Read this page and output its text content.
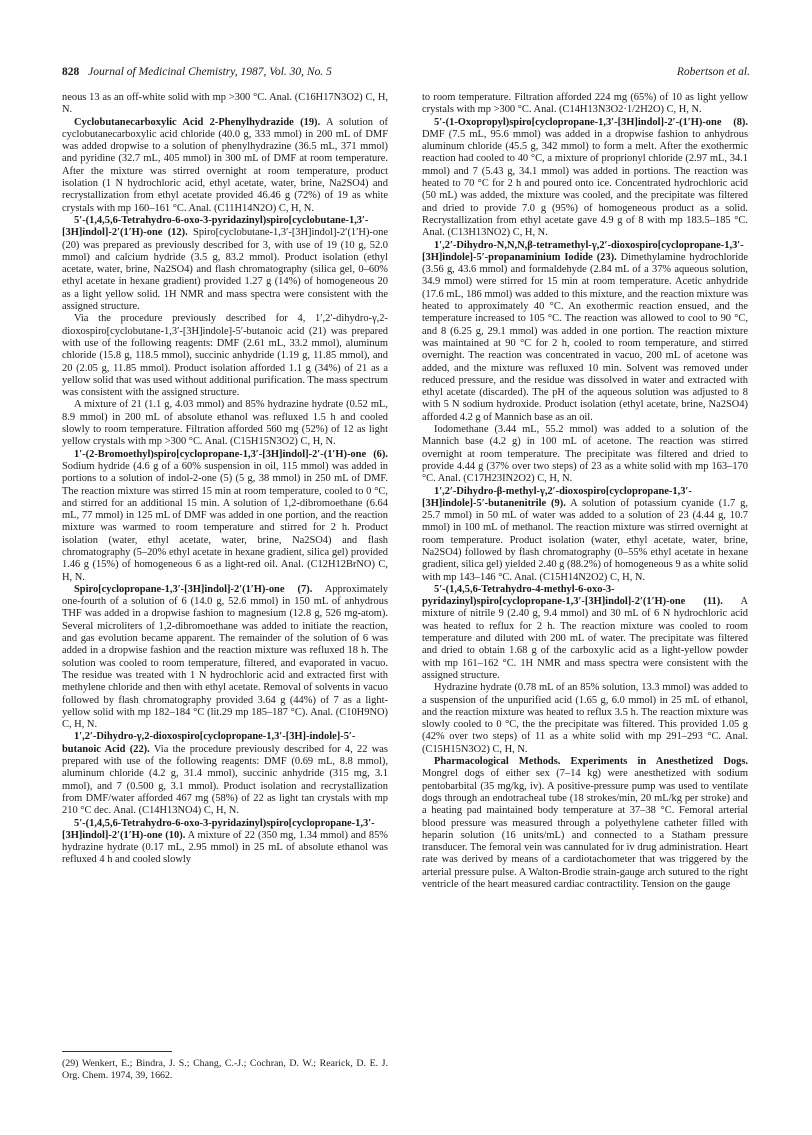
828 Journal of Medicinal Chemistry, 1987, Vol. 30, No. 5	Robertson et al.

neous 13 as an off-white solid with mp >300 °C. Anal. (C16H17N3O2) C, H, N.

Cyclobutanecarboxylic Acid 2-Phenylhydrazide (19). A solution of cyclobutanecarboxylic acid chloride (40.0 g, 333 mmol) in 200 mL of DMF was added dropwise to a solution of phenylhydrazine (36.5 mL, 371 mmol) and pyridine (32.7 mL, 405 mmol) in 300 mL of DMF at room temperature. After the mixture was stirred overnight at room temperature, product isolation (1 N hydrochloric acid, ethyl acetate, water, brine, Na2SO4) and recrystallization from ethyl acetate provided 46.46 g (72%) of 19 as white crystals with mp 160–161 °C. Anal. (C11H14N2O) C, H, N.

5′-(1,4,5,6-Tetrahydro-6-oxo-3-pyridazinyl)spiro[cyclobutane-1,3′-[3H]indol]-2′(1′H)-one (12). Spiro[cyclobutane-1,3′-[3H]indol]-2′(1′H)-one (20) was prepared as previously described for 3, with use of 19 (10 g, 52.0 mmol) and calcium hydride (3.5 g, 83.2 mmol). Product isolation (ethyl acetate, water, brine, Na2SO4) and flash chromatography (silica gel, 0–60% ethyl acetate in hexane gradient) provided 1.27 g (14%) of homogeneous 20 as a light yellow solid. 1H NMR and mass spectra were consistent with the assigned structure.

Via the procedure previously described for 4, 1′,2′-dihydro-γ,2-dioxospiro[cyclobutane-1,3′-[3H]indole]-5′-butanoic acid (21) was prepared with use of the following reagents: DMF (2.61 mL, 33.2 mmol), aluminum chloride (15.8 g, 118.5 mmol), succinic anhydride (1.19 g, 11.85 mmol), and 20 (2.05 g, 11.85 mmol). Product isolation afforded 1.1 g (34%) of 21 as a yellow solid that was used without additional purification. The mass spectrum was consistent with the assigned structure.

A mixture of 21 (1.1 g, 4.03 mmol) and 85% hydrazine hydrate (0.52 mL, 8.9 mmol) in 200 mL of absolute ethanol was refluxed 1.5 h and cooled slowly to room temperature. Filtration afforded 560 mg (52%) of 12 as light yellow crystals with mp >300 °C. Anal. (C15H15N3O2) C, H, N.

1′-(2-Bromoethyl)spiro[cyclopropane-1,3′-[3H]indol]-2′-(1′H)-one (6). Sodium hydride (4.6 g of a 60% suspension in oil, 115 mmol) was added in portions to a solution of indol-2-one (5) (5 g, 38 mmol) in 250 mL of DMF. The reaction mixture was stirred 15 min at room temperature, cooled to 0 °C, and stirred for an additional 15 min. A solution of 1,2-dibromoethane (6.64 mL, 77 mmol) in 125 mL of DMF was added in one portion, and the reaction mixture was warmed to room temperature and stirred for 2 h. Product isolation (water, ethyl acetate, water, brine, Na2SO4) and flash chromatography (5–20% ethyl acetate in hexane gradient, silica gel) provided 1.46 g (15%) of homogeneous 6 as a light-red oil. Anal. (C12H12BrNO) C, H, N.

Spiro[cyclopropane-1,3′-[3H]indol]-2′(1′H)-one (7). Approximately one-fourth of a solution of 6 (14.0 g, 52.6 mmol) in 150 mL of anhydrous THF was added in a dropwise fashion to magnesium (12.8 g, 526 mg-atom). Several microliters of 1,2-dibromoethane was added to initiate the reaction, and gas evolution became apparent. The remainder of the solution of 6 was added in a dropwise fashion and the reaction mixture was refluxed 18 h. The solution was cooled to room temperature, filtered, and evaporated in vacuo. The residue was treated with 1 N hydrochloric acid and extracted first with methylene chloride and then with ethyl acetate. Removal of solvents in vacuo followed by flash chromatography provided 3.64 g (44%) of 7 as a light-yellow solid with mp 182–184 °C (lit.29 mp 185–187 °C). Anal. (C10H9NO) C, H, N.

1′,2′-Dihydro-γ,2-dioxospiro[cyclopropane-1,3′-[3H]-indole]-5′-butanoic Acid (22). Via the procedure previously described for 4, 22 was prepared with use of the following reagents: DMF (0.69 mL, 8.8 mmol), aluminum chloride (4.2 g, 31.4 mmol), succinic anhydride (315 mg, 3.1 mmol), and 7 (0.500 g, 3.1 mmol). Product isolation and recrystallization from DMF/water afforded 467 mg (58%) of 22 as light tan crystals with mp 210 °C dec. Anal. (C14H13NO4) C, H, N.

5′-(1,4,5,6-Tetrahydro-6-oxo-3-pyridazinyl)spiro[cyclopropane-1,3′-[3H]indol]-2′(1′H)-one (10). A mixture of 22 (350 mg, 1.34 mmol) and 85% hydrazine hydrate (0.17 mL, 2.95 mmol) in 25 mL of absolute ethanol was refluxed 4 h and cooled slowly

to room temperature. Filtration afforded 224 mg (65%) of 10 as light yellow crystals with mp >300 °C. Anal. (C14H13N3O2·1/2H2O) C, H, N.

5′-(1-Oxopropyl)spiro[cyclopropane-1,3′-[3H]indol]-2′-(1′H)-one (8). DMF (7.5 mL, 95.6 mmol) was added in a dropwise fashion to anhydrous aluminum chloride (45.5 g, 342 mmol) to form a melt. After the exothermic reaction had cooled to 40 °C, a mixture of proprionyl chloride (2.97 mL, 34.1 mmol) and 7 (5.43 g, 34.1 mmol) was added in portions. The reaction was heated to 70 °C for 2 h and poured onto ice. Concentrated hydrochloric acid (50 mL) was added, the mixture was cooled, and the precipitate was filtered and dried to provide 7.0 g (95%) of homogeneous product as a solid. Recrystallization from ethyl acetate gave 4.9 g of 8 with mp 183.5–185 °C. Anal. (C13H13NO2) C, H, N.

1′,2′-Dihydro-N,N,N,β-tetramethyl-γ,2′-dioxospiro[cyclopropane-1,3′-[3H]indole]-5′-propanaminium Iodide (23). Dimethylamine hydrochloride (3.56 g, 43.6 mmol) and formaldehyde (2.84 mL of a 37% aqueous solution, 34.9 mmol) were stirred for 15 min at room temperature. Acetic anhydride (17.6 mL, 186 mmol) was added to this mixture, and the reaction mixture was heated to approximately 40 °C. An exothermic reaction ensued, and the temperature increased to 105 °C. The reaction was allowed to cool to 90 °C, and 8 (6.25 g, 29.1 mmol) was added in one portion. The reaction mixture was maintained at 90 °C for 2 h, cooled to room temperature, and stirred overnight. The reaction was concentrated in vacuo, 200 mL of acetone was added, and the mixture was refluxed 10 min. Solvent was removed under reduced pressure, and the residue was dissolved in water and extracted with ethyl acetate (discarded). The pH of the aqueous solution was adjusted to 8 with 5 N sodium hydroxide. Product isolation (ethyl acetate, brine, Na2SO4) afforded 4.2 g of Mannich base as an oil.

Iodomethane (3.44 mL, 55.2 mmol) was added to a solution of the Mannich base (4.2 g) in 100 mL of acetone. The reaction was stirred overnight at room temperature. The precipitate was filtered and dried to provide 4.44 g (37% over two steps) of 23 as a white solid with mp 163–170 °C. Anal. (C17H23IN2O2) C, H, N.

1′,2′-Dihydro-β-methyl-γ,2′-dioxospiro[cyclopropane-1,3′-[3H]indole]-5′-butanenitrile (9). A solution of potassium cyanide (1.7 g, 25.7 mmol) in 50 mL of water was added to a solution of 23 (4.44 g, 10.7 mmol) in 100 mL of methanol. The reaction mixture was stirred overnight at room temperature. Product isolation (water, ethyl acetate, water, brine, Na2SO4) followed by flash chromatography (0–55% ethyl acetate in hexane gradient, silica gel) yielded 2.40 g (88.2%) of homogeneous 9 as a white solid with mp 143–146 °C. Anal. (C15H14N2O2) C, H, N.

5′-(1,4,5,6-Tetrahydro-4-methyl-6-oxo-3-pyridazinyl)spiro[cyclopropane-1,3′-[3H]indol]-2′(1′H)-one (11). A mixture of nitrile 9 (2.40 g, 9.4 mmol) and 30 mL of 6 N hydrochloric acid was heated to reflux for 2 h. The reaction mixture was cooled to room temperature and diluted with 200 mL of water. The precipitate was filtered and dried to obtain 1.68 g of the carboxylic acid as a light-yellow powder with mp 161–162 °C. 1H NMR and mass spectra were consistent with the assigned structure.

Hydrazine hydrate (0.78 mL of an 85% solution, 13.3 mmol) was added to a suspension of the unpurified acid (1.65 g, 6.0 mmol) in 25 mL of ethanol, and the reaction mixture was heated to reflux 3.5 h. The reaction mixture was slowly cooled to 0 °C, the the precipitate was filtered. This provided 1.05 g (42% over two steps) of 11 as a white solid with mp 291–293 °C. Anal. (C15H15N3O2) C, H, N.

Pharmacological Methods. Experiments in Anesthetized Dogs. Mongrel dogs of either sex (7–14 kg) were anesthetized with sodium pentobarbital (35 mg/kg, iv). A positive-pressure pump was used to ventilate dogs through an endotracheal tube (18 strokes/min, 20 mL/kg per stroke) and a heating pad maintained body temperature at 37–38 °C. Femoral arterial blood pressure was measured through a polyethylene catheter filled with heparin solution (16 units/mL) and connected to a Statham pressure transducer. The femoral vein was cannulated for iv drug administration. Heart rate was derived by means of a cardiotachometer that was triggered by the arterial pressure pulse. A Walton-Brodie strain-gauge arch sutured to the right ventricle of the heart measured cardiac contractility. Tension on the gauge

(29) Wenkert, E.; Bindra, J. S.; Chang, C.-J.; Cochran, D. W.; Rearick, D. E. J. Org. Chem. 1974, 39, 1662.
